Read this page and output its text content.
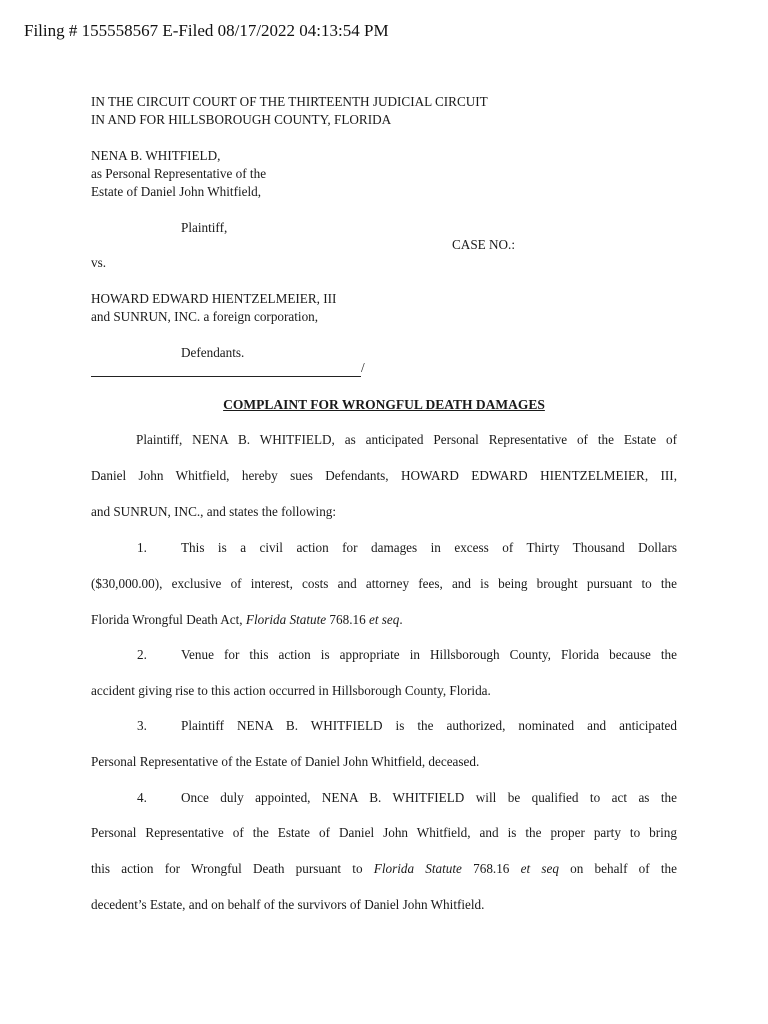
Filing # 155558567 E-Filed 08/17/2022 04:13:54 PM
IN THE CIRCUIT COURT OF THE THIRTEENTH JUDICIAL CIRCUIT
IN AND FOR HILLSBOROUGH COUNTY, FLORIDA
NENA B. WHITFIELD,
as Personal Representative of the
Estate of Daniel John Whitfield,
Plaintiff,
CASE NO.:
vs.
HOWARD EDWARD HIENTZELMEIER, III
and SUNRUN, INC. a foreign corporation,
Defendants.
/
COMPLAINT FOR WRONGFUL DEATH DAMAGES
Plaintiff, NENA B. WHITFIELD, as anticipated Personal Representative of the Estate of
Daniel John Whitfield, hereby sues Defendants, HOWARD EDWARD HIENTZELMEIER, III,
and SUNRUN, INC., and states the following:
1.	This is a civil action for damages in excess of Thirty Thousand Dollars
($30,000.00), exclusive of interest, costs and attorney fees, and is being brought pursuant to the
Florida Wrongful Death Act, Florida Statute 768.16 et seq.
2.	Venue for this action is appropriate in Hillsborough County, Florida because the
accident giving rise to this action occurred in Hillsborough County, Florida.
3.	Plaintiff NENA B. WHITFIELD is the authorized, nominated and anticipated
Personal Representative of the Estate of Daniel John Whitfield, deceased.
4.	Once duly appointed, NENA B. WHITFIELD will be qualified to act as the
Personal Representative of the Estate of Daniel John Whitfield, and is the proper party to bring
this action for Wrongful Death pursuant to Florida Statute 768.16 et seq on behalf of the
decedent’s Estate, and on behalf of the survivors of Daniel John Whitfield.
